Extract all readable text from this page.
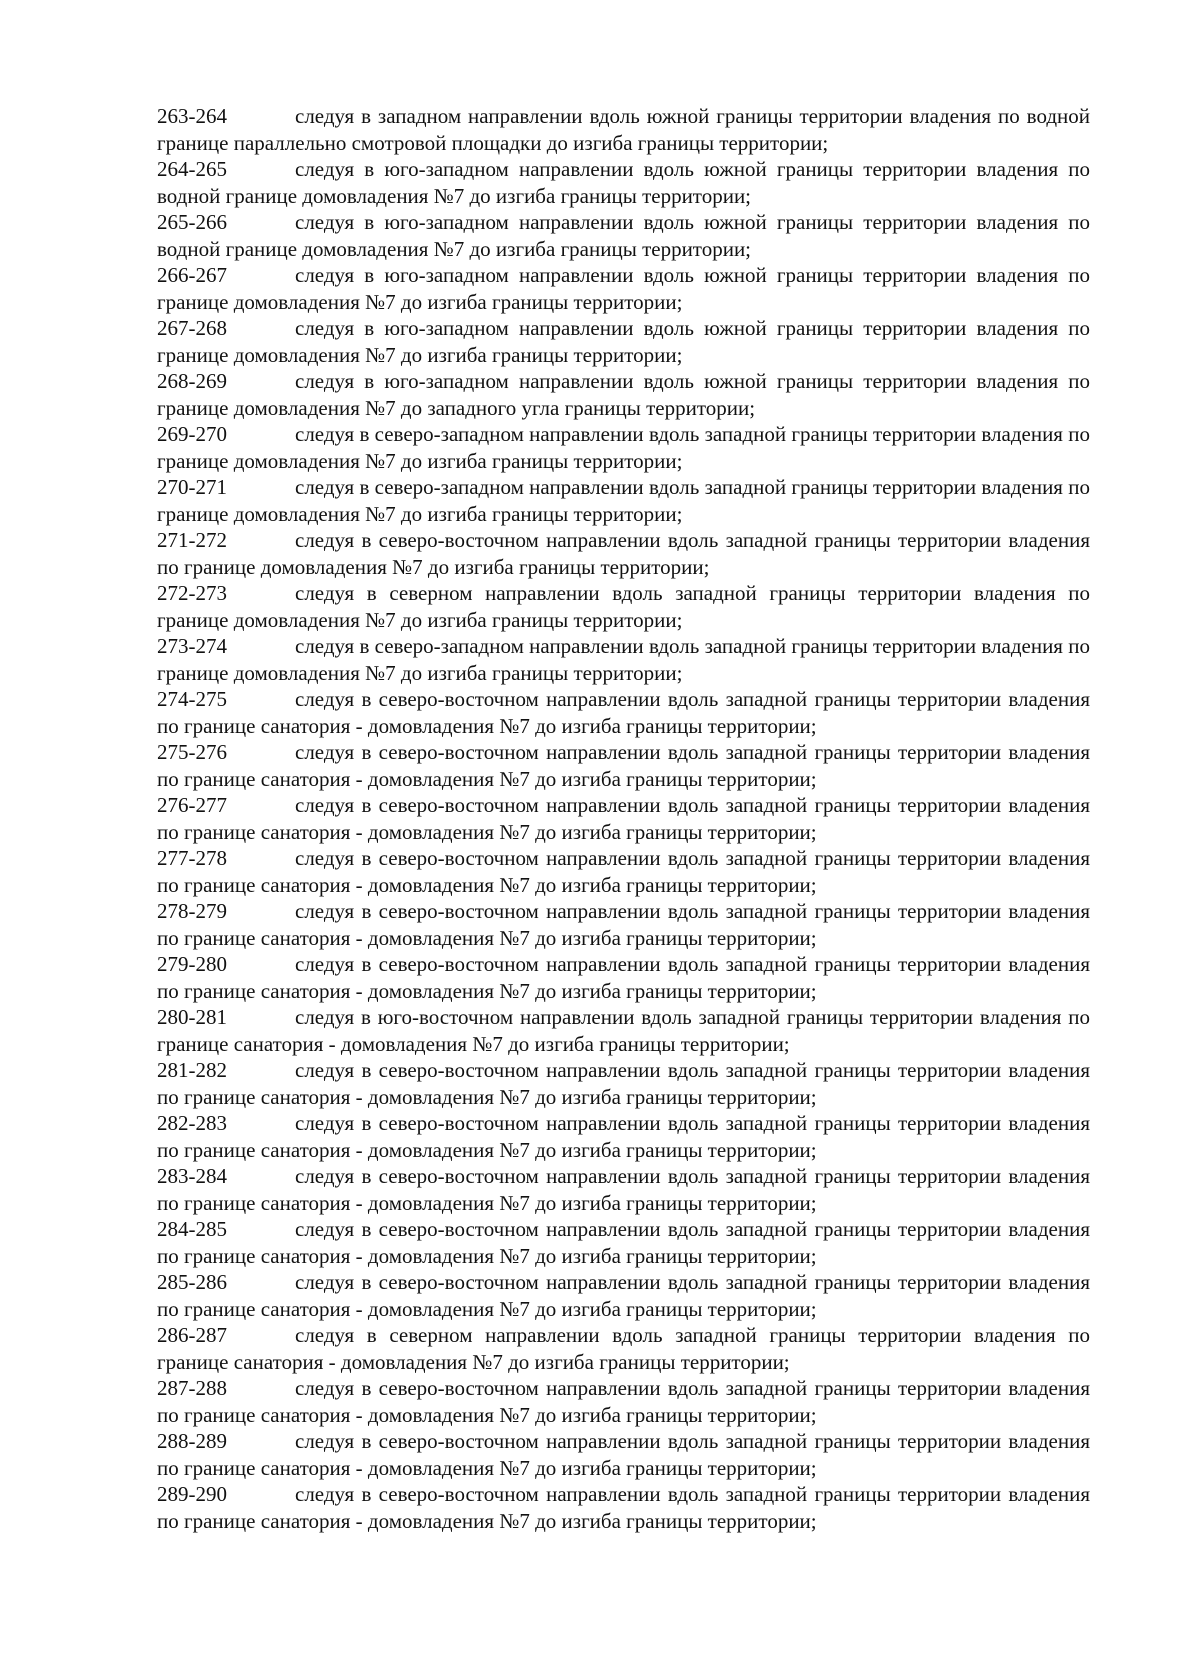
263-264	следуя в западном направлении вдоль южной границы территории владения по водной границе параллельно смотровой площадки до изгиба границы территории;

264-265	следуя в юго-западном направлении вдоль южной границы территории владения по водной границе домовладения №7 до изгиба границы территории;

265-266	следуя в юго-западном направлении вдоль южной границы территории владения по водной границе домовладения №7 до изгиба границы территории;

266-267	следуя в юго-западном направлении вдоль южной границы территории владения по границе домовладения №7 до изгиба границы территории;

267-268	следуя в юго-западном направлении вдоль южной границы территории владения по границе домовладения №7 до изгиба границы территории;

268-269	следуя в юго-западном направлении вдоль южной границы территории владения по границе домовладения №7 до западного угла границы территории;

269-270	следуя в северо-западном направлении вдоль западной границы территории владения по границе домовладения №7 до изгиба границы территории;

270-271	следуя в северо-западном направлении вдоль западной границы территории владения по границе домовладения №7 до изгиба границы территории;

271-272	следуя в северо-восточном направлении вдоль западной границы территории владения по границе домовладения №7 до изгиба границы территории;

272-273	следуя в северном направлении вдоль западной границы территории владения по границе домовладения №7 до изгиба границы территории;

273-274	следуя в северо-западном направлении вдоль западной границы территории владения по границе домовладения №7 до изгиба границы территории;

274-275	следуя в северо-восточном направлении вдоль западной границы территории владения по границе санатория - домовладения №7 до изгиба границы территории;

275-276	следуя в северо-восточном направлении вдоль западной границы территории владения по границе санатория - домовладения №7 до изгиба границы территории;

276-277	следуя в северо-восточном направлении вдоль западной границы территории владения по границе санатория - домовладения №7 до изгиба границы территории;

277-278	следуя в северо-восточном направлении вдоль западной границы территории владения по границе санатория - домовладения №7 до изгиба границы территории;

278-279	следуя в северо-восточном направлении вдоль западной границы территории владения по границе санатория - домовладения №7 до изгиба границы территории;

279-280	следуя в северо-восточном направлении вдоль западной границы территории владения по границе санатория - домовладения №7 до изгиба границы территории;

280-281	следуя в юго-восточном направлении вдоль западной границы территории владения по границе санатория - домовладения №7 до изгиба границы территории;

281-282	следуя в северо-восточном направлении вдоль западной границы территории владения по границе санатория - домовладения №7 до изгиба границы территории;

282-283	следуя в северо-восточном направлении вдоль западной границы территории владения по границе санатория - домовладения №7 до изгиба границы территории;

283-284	следуя в северо-восточном направлении вдоль западной границы территории владения по границе санатория - домовладения №7 до изгиба границы территории;

284-285	следуя в северо-восточном направлении вдоль западной границы территории владения по границе санатория - домовладения №7 до изгиба границы территории;

285-286	следуя в северо-восточном направлении вдоль западной границы территории владения по границе санатория - домовладения №7 до изгиба границы территории;

286-287	следуя в северном направлении вдоль западной границы территории владения по границе санатория - домовладения №7 до изгиба границы территории;

287-288	следуя в северо-восточном направлении вдоль западной границы территории владения по границе санатория - домовладения №7 до изгиба границы территории;

288-289	следуя в северо-восточном направлении вдоль западной границы территории владения по границе санатория - домовладения №7 до изгиба границы территории;

289-290	следуя в северо-восточном направлении вдоль западной границы территории владения по границе санатория - домовладения №7 до изгиба границы территории;
